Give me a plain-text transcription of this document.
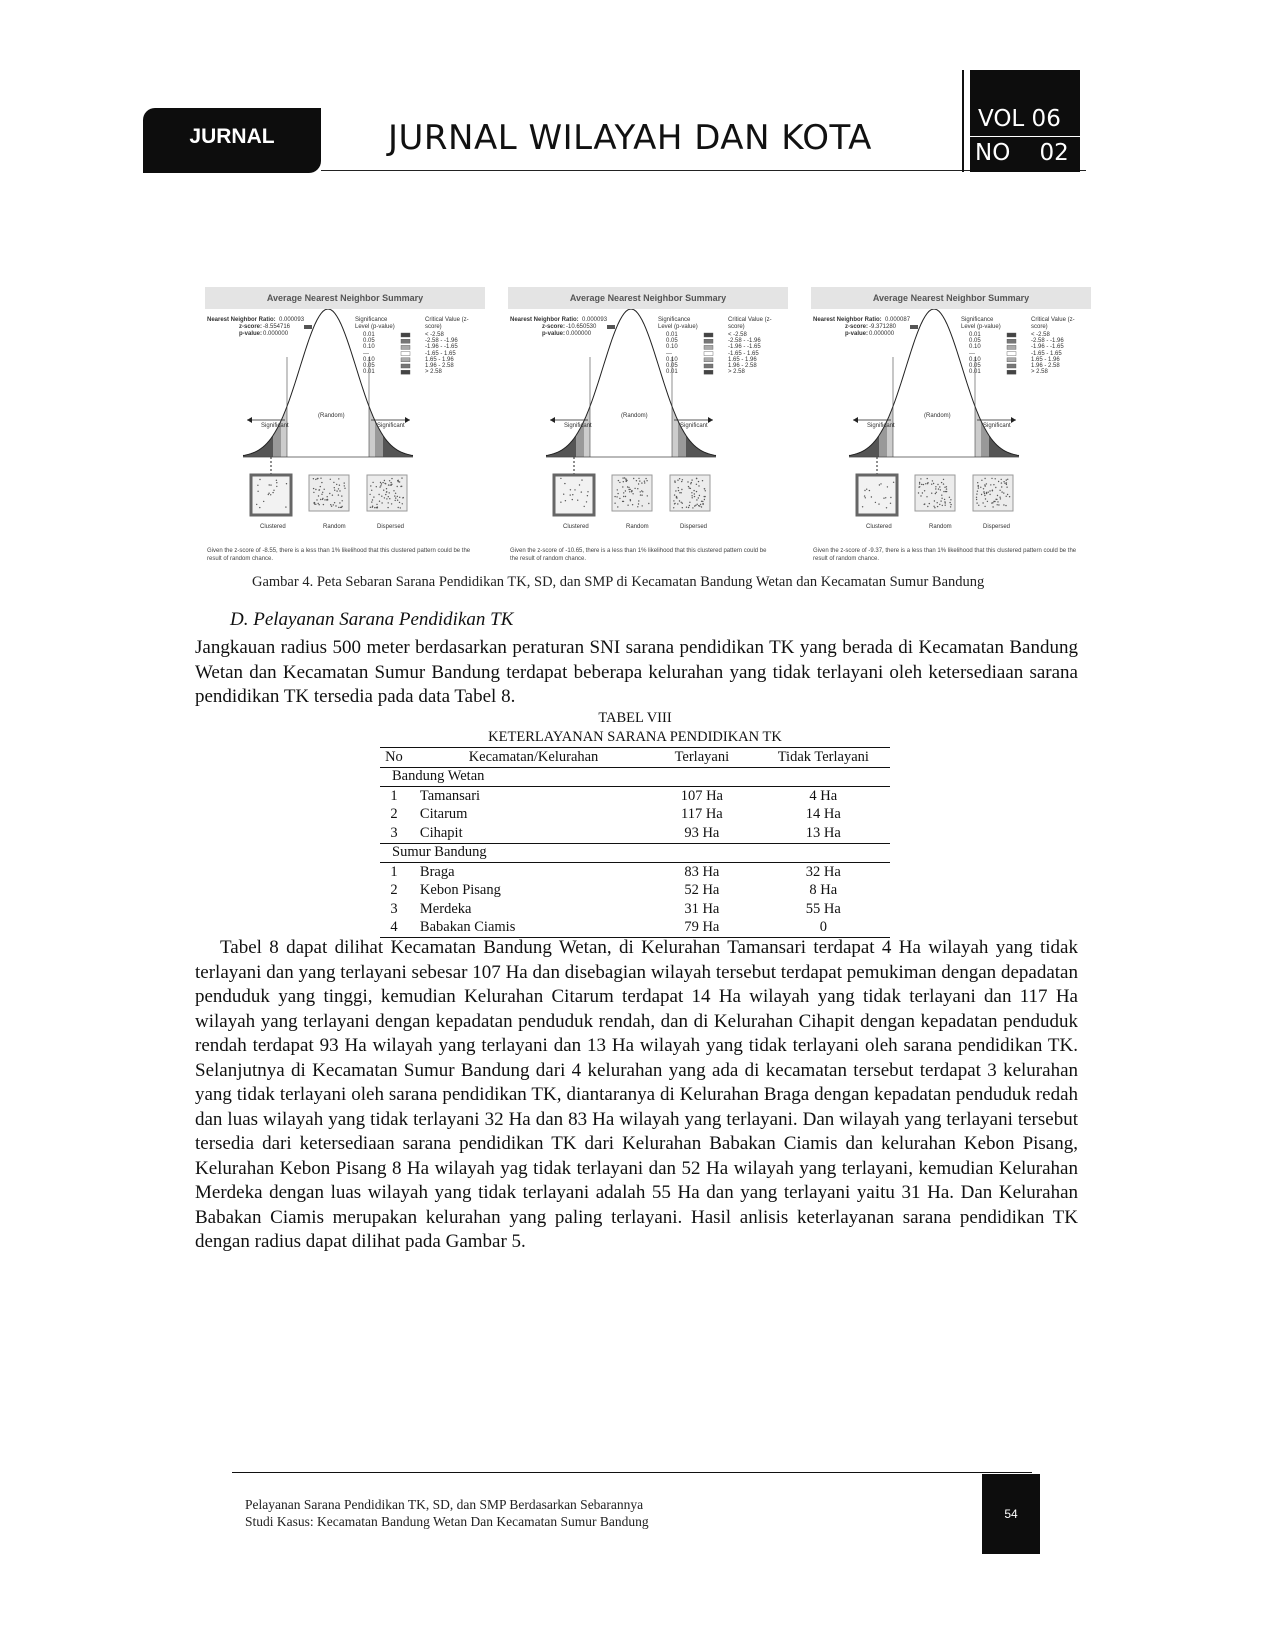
JURNAL	JURNAL WILAYAH DAN KOTA	VOL 06
NO    02
Average Nearest Neighbor Summary
Nearest Neighbor Ratio: 0.000093
z-score: -8.554716
p-value: 0.000000
Significance Level (p-value)
Critical Value (z-score)
0.01	< -2.58
0.05	-2.58 - -1.96
0.10	-1.96 - -1.65
---	-1.65 - 1.65
0.10	1.65 - 1.96
0.05	1.96 - 2.58
0.01	> 2.58
(Random)
Significant	Significant
Clustered	Random	Dispersed
Given the z-score of -8.55, there is a less than 1% likelihood that this clustered pattern could be the result of random chance.
Average Nearest Neighbor Summary
Nearest Neighbor Ratio: 0.000093
z-score: -10.650530
p-value: 0.000000
Significance Level (p-value)
Critical Value (z-score)
0.01	< -2.58
0.05	-2.58 - -1.96
0.10	-1.96 - -1.65
---	-1.65 - 1.65
0.10	1.65 - 1.96
0.05	1.96 - 2.58
0.01	> 2.58
(Random)
Significant	Significant
Clustered	Random	Dispersed
Given the z-score of -10.65, there is a less than 1% likelihood that this clustered pattern could be the result of random chance.
Average Nearest Neighbor Summary
Nearest Neighbor Ratio: 0.000087
z-score: -9.371280
p-value: 0.000000
Significance Level (p-value)
Critical Value (z-score)
0.01	< -2.58
0.05	-2.58 - -1.96
0.10	-1.96 - -1.65
---	-1.65 - 1.65
0.10	1.65 - 1.96
0.05	1.96 - 2.58
0.01	> 2.58
(Random)
Significant	Significant
Clustered	Random	Dispersed
Given the z-score of -9.37, there is a less than 1% likelihood that this clustered pattern could be the result of random chance.
Gambar 4. Peta Sebaran Sarana Pendidikan TK, SD, dan SMP di Kecamatan Bandung Wetan dan Kecamatan Sumur Bandung
D. Pelayanan Sarana Pendidikan TK

Jangkauan radius 500 meter berdasarkan peraturan SNI sarana pendidikan TK yang berada di Kecamatan Bandung Wetan dan Kecamatan Sumur Bandung terdapat beberapa kelurahan yang tidak terlayani oleh ketersediaan sarana pendidikan TK tersedia pada data Tabel 8.

TABEL VIII
KETERLAYANAN SARANA PENDIDIKAN TK
No	Kecamatan/Kelurahan	Terlayani	Tidak Terlayani
Bandung Wetan			
1	Tamansari	107 Ha	4 Ha
2	Citarum	117 Ha	14 Ha
3	Cihapit	93 Ha	13 Ha
Sumur Bandung			
1	Braga	83 Ha	32 Ha
2	Kebon Pisang	52 Ha	8 Ha
3	Merdeka	31 Ha	55 Ha
4	Babakan Ciamis	79 Ha	0

Tabel 8 dapat dilihat Kecamatan Bandung Wetan, di Kelurahan Tamansari terdapat 4 Ha wilayah yang tidak terlayani dan yang terlayani sebesar 107 Ha dan disebagian wilayah tersebut terdapat pemukiman dengan depadatan penduduk yang tinggi, kemudian Kelurahan Citarum terdapat 14 Ha wilayah yang tidak terlayani dan 117 Ha wilayah yang terlayani dengan kepadatan penduduk rendah, dan di Kelurahan Cihapit dengan kepadatan penduduk rendah terdapat 93 Ha wilayah yang terlayani dan 13 Ha wilayah yang tidak terlayani oleh sarana pendidikan TK. Selanjutnya di Kecamatan Sumur Bandung dari 4 kelurahan yang ada di kecamatan tersebut terdapat 3 kelurahan yang tidak terlayani oleh sarana pendidikan TK, diantaranya di Kelurahan Braga dengan kepadatan penduduk redah dan luas wilayah yang tidak terlayani 32 Ha dan 83 Ha wilayah yang terlayani. Dan wilayah yang terlayani tersebut tersedia dari ketersediaan sarana pendidikan TK dari Kelurahan Babakan Ciamis dan kelurahan Kebon Pisang, Kelurahan Kebon Pisang 8 Ha wilayah yag tidak terlayani dan 52 Ha wilayah yang terlayani, kemudian Kelurahan Merdeka dengan luas wilayah yang tidak terlayani adalah 55 Ha dan yang terlayani yaitu 31 Ha. Dan Kelurahan Babakan Ciamis merupakan kelurahan yang paling terlayani. Hasil anlisis keterlayanan sarana pendidikan TK dengan radius dapat dilihat pada Gambar 5.

Pelayanan Sarana Pendidikan TK, SD, dan SMP Berdasarkan Sebarannya
Studi Kasus: Kecamatan Bandung Wetan Dan Kecamatan Sumur Bandung	54
